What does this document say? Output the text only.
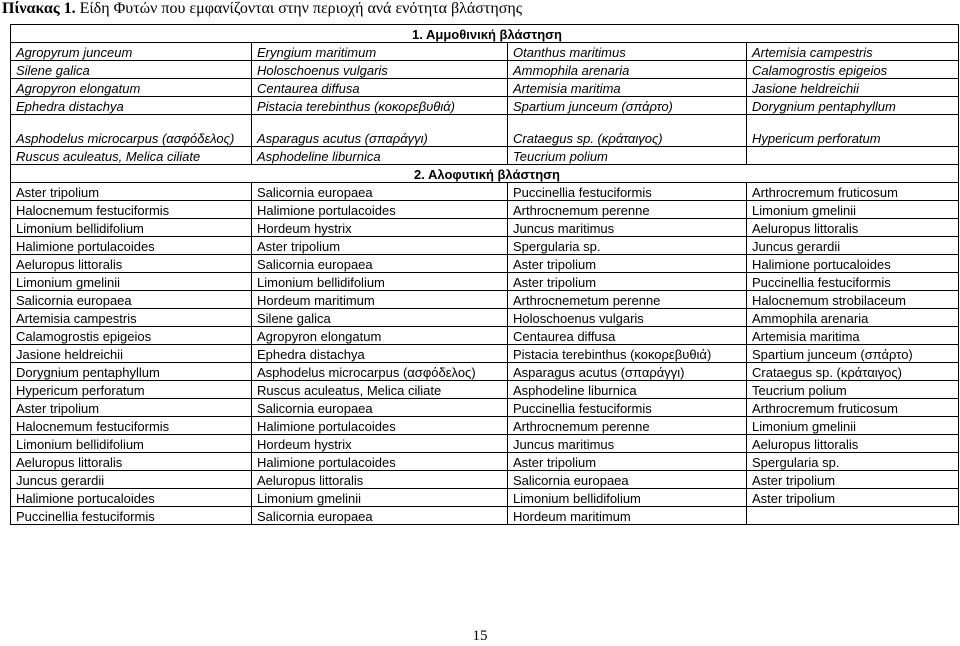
Πίνακας 1. Είδη Φυτών που εμφανίζονται στην περιοχή ανά ενότητα βλάστησης
1. Αμμοθινική βλάστηση			
Agropyrum junceum	Eryngium maritimum	Otanthus maritimus	Artemisia campestris
Silene galica	Holoschoenus vulgaris	Ammophila arenaria	Calamogrostis epigeios
Agropyron elongatum	Centaurea diffusa	Artemisia maritima	Jasione heldreichii
Ephedra distachya	Pistacia terebinthus (κοκορεβυθιά)	Spartium junceum (σπάρτο)	Dorygnium pentaphyllum
Asphodelus microcarpus (ασφόδελος)	Asparagus acutus (σπαράγγι)	Crataegus sp. (κράταιγος)	Hypericum perforatum
Ruscus aculeatus, Melica ciliate	Asphodeline liburnica	Teucrium polium	
2. Αλοφυτική βλάστηση			
Aster tripolium	Salicornia europaea	Puccinellia festuciformis	Arthrocremum fruticosum
Halocnemum festuciformis	Halimione portulacoides	Arthrocnemum perenne	Limonium gmelinii
Limonium bellidifolium	Hordeum hystrix	Juncus maritimus	Aeluropus littoralis
Halimione portulacoides	Aster tripolium	Spergularia sp.	Juncus gerardii
Aeluropus littoralis	Salicornia europaea	Aster tripolium	Halimione portucaloides
Limonium gmelinii	Limonium bellidifolium	Aster tripolium	Puccinellia festuciformis
Salicornia europaea	Hordeum maritimum	Arthrocnemetum perenne	Halocnemum strobilaceum
Artemisia campestris	Silene galica	Holoschoenus vulgaris	Ammophila arenaria
Calamogrostis epigeios	Agropyron elongatum	Centaurea diffusa	Artemisia maritima
Jasione heldreichii	Ephedra distachya	Pistacia terebinthus (κοκορεβυθιά)	Spartium junceum (σπάρτο)
Dorygnium pentaphyllum	Asphodelus microcarpus (ασφόδελος)	Asparagus acutus (σπαράγγι)	Crataegus sp. (κράταιγος)
Hypericum perforatum	Ruscus aculeatus, Melica ciliate	Asphodeline liburnica	Teucrium polium
Aster tripolium	Salicornia europaea	Puccinellia festuciformis	Arthrocremum fruticosum
Halocnemum festuciformis	Halimione portulacoides	Arthrocnemum perenne	Limonium gmelinii
Limonium bellidifolium	Hordeum hystrix	Juncus maritimus	Aeluropus littoralis
Aeluropus littoralis	Halimione portulacoides	Aster tripolium	Spergularia sp.
Juncus gerardii	Aeluropus littoralis	Salicornia europaea	Aster tripolium
Halimione portucaloides	Limonium gmelinii	Limonium bellidifolium	Aster tripolium
Puccinellia festuciformis	Salicornia europaea	Hordeum maritimum	
15
